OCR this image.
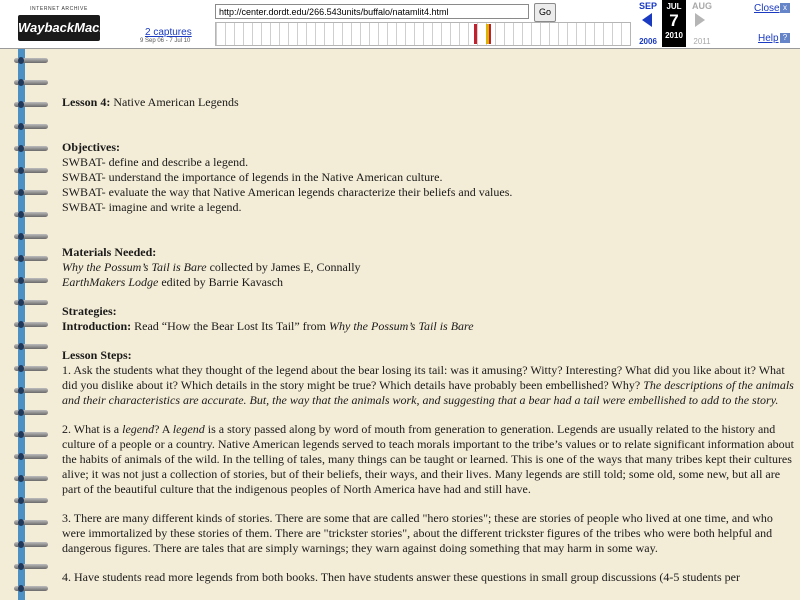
INTERNET ARCHIVE
WaybackMachine
http://center.dordt.edu/266.543units/buffalo/natamlit4.html	Go
2 captures
9 Sep 06 - 7 Jul 10
SEP
2006
JUL
7
2010
AUG
2011
Close x
Help ?

Lesson 4: Native American Legends

Objectives:

SWBAT- define and describe a legend.

SWBAT- understand the importance of legends in the Native American culture.

SWBAT- evaluate the way that Native American legends characterize their beliefs and values.

SWBAT- imagine and write a legend.

Materials Needed:

Why the Possum’s Tail is Bare collected by James E, Connally

EarthMakers Lodge edited by Barrie Kavasch

Strategies:

Introduction: Read “How the Bear Lost Its Tail” from Why the Possum’s Tail is Bare

Lesson Steps:

1. Ask the students what they thought of the legend about the bear losing its tail: was it amusing? Witty? Interesting? What did you like about it? What did you dislike about it? Which details in the story might be true? Which details have probably been embellished? Why? The descriptions of the animals and their characteristics are accurate. But, the way that the animals work, and suggesting that a bear had a tail were embellished to add to the story.

2. What is a legend? A legend is a story passed along by word of mouth from generation to generation. Legends are usually related to the history and culture of a people or a country. Native American legends served to teach morals important to the tribe’s values or to relate significant information about the habits of animals of the wild. In the telling of tales, many things can be taught or learned. This is one of the ways that many tribes kept their cultures alive; it was not just a collection of stories, but of their beliefs, their ways, and their lives. Many legends are still told; some old, some new, but all are part of the beautiful culture that the indigenous peoples of North America have had and still have.

3. There are many different kinds of stories. There are some that are called "hero stories"; these are stories of people who lived at one time, and who were immortalized by these stories of them. There are "trickster stories", about the different trickster figures of the tribes who were both helpful and dangerous figures. There are tales that are simply warnings; they warn against doing something that may harm in some way.

4. Have students read more legends from both books. Then have students answer these questions in small group discussions (4-5 students per
